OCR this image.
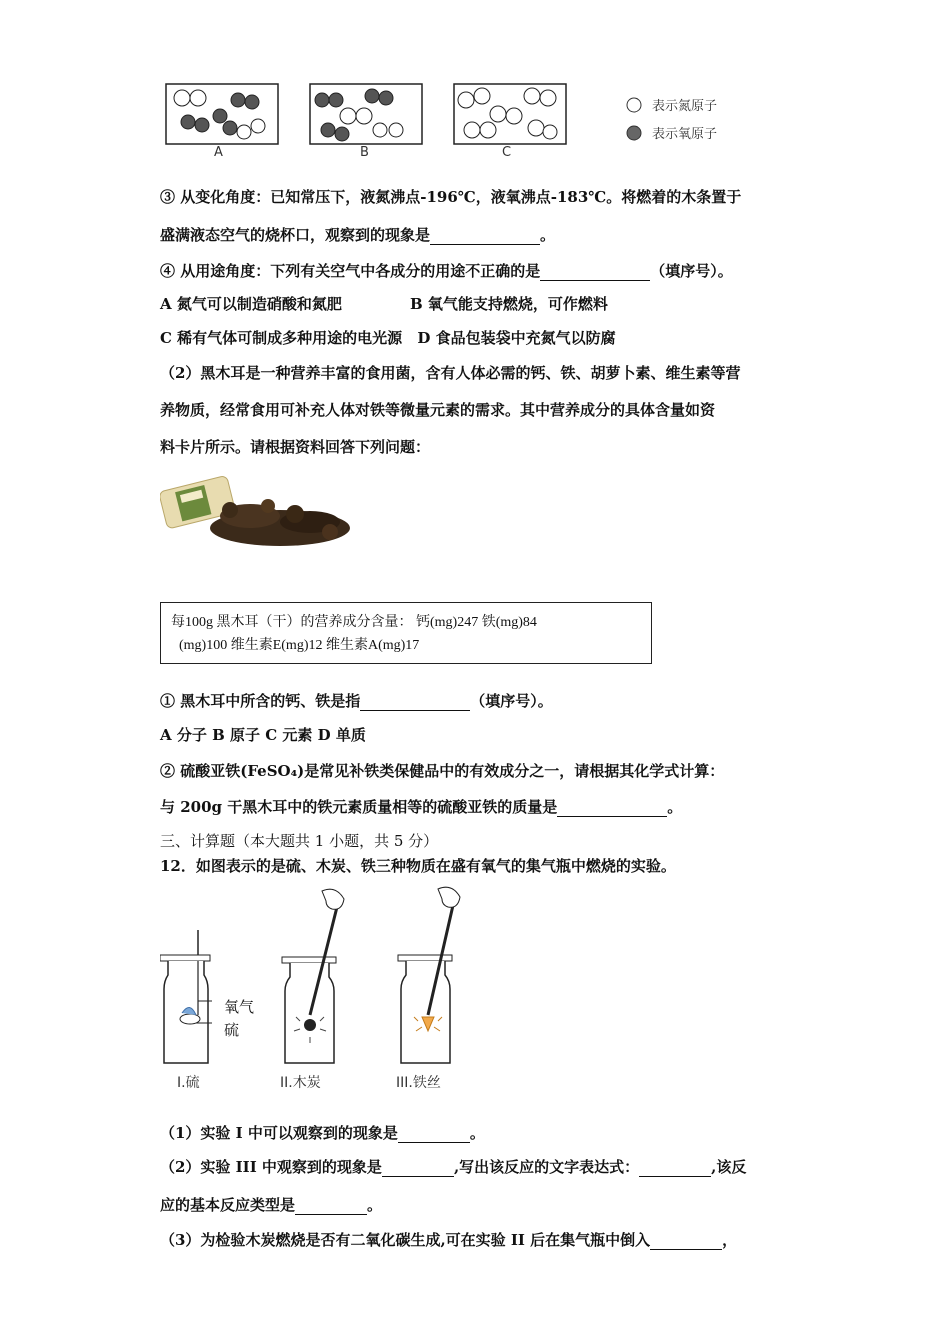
A	B	C
表示氮原子
表示氧原子
③ 从变化角度：已知常压下，液氮沸点-196℃，液氧沸点-183℃。将燃着的木条置于
盛满液态空气的烧杯口，观察到的现象是	。
④ 从用途角度：下列有关空气中各成分的用途不正确的是	（填序号）。
A 氮气可以制造硝酸和氮肥	B 氧气能支持燃烧，可作燃料
C 稀有气体可制成多种用途的电光源 D 食品包装袋中充氮气以防腐
（2）黑木耳是一种营养丰富的食用菌，含有人体必需的钙、铁、胡萝卜素、维生素等营
养物质，经常食用可补充人体对铁等微量元素的需求。其中营养成分的具体含量如资
料卡片所示。请根据资料回答下列问题：
每100g 黑木耳（干）的营养成分含量： 钙(mg)247 铁(mg)84
(mg)100 维生素E(mg)12 维生素A(mg)17
① 黑木耳中所含的钙、铁是指	（填序号）。
A 分子 B 原子 C 元素 D 单质
② 硫酸亚铁(FeSO₄)是常见补铁类保健品中的有效成分之一，请根据其化学式计算：
与 200g 干黑木耳中的铁元素质量相等的硫酸亚铁的质量是	。
三、计算题（本大题共 1 小题，共 5 分）
12．如图表示的是硫、木炭、铁三种物质在盛有氧气的集气瓶中燃烧的实验。
氧气
硫
I.硫	II.木炭	III.铁丝
（1）实验 I 中可以观察到的现象是	。
（2）实验 III 中观察到的现象是	,写出该反应的文字表达式：	,该反
应的基本反应类型是	。
（3）为检验木炭燃烧是否有二氧化碳生成,可在实验 II 后在集气瓶中倒入	，
